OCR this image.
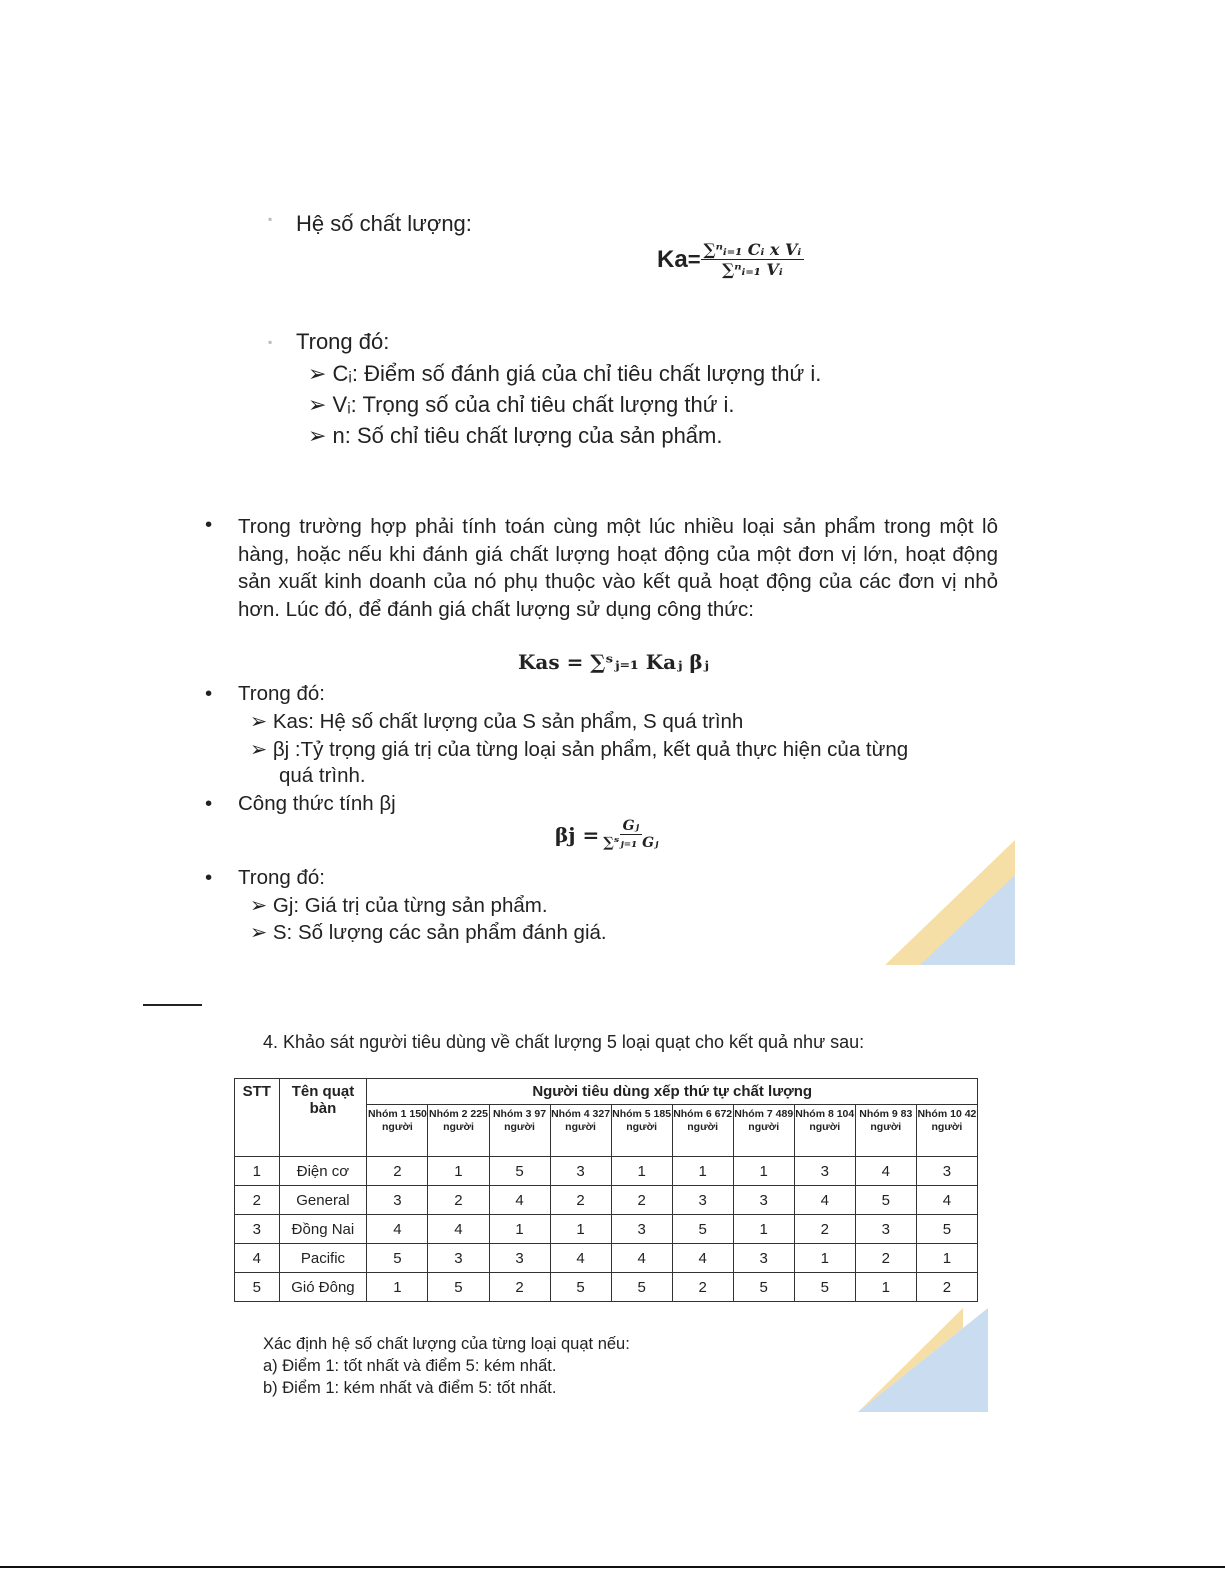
▪ Hệ số chất lượng:
$Ka = \frac{\text{∑ⁿᵢ₌₁ Cᵢ x Vᵢ}}{\text{∑ⁿᵢ₌₁ Vᵢ}}$
▪ Trong đó:
➢ Cᵢ: Điểm số đánh giá của chỉ tiêu chất lượng thứ i.
➢ Vᵢ: Trọng số của chỉ tiêu chất lượng thứ i.
➢ n: Số chỉ tiêu chất lượng của sản phẩm.
• Trong trường hợp phải tính toán cùng một lúc nhiều loại sản phẩm trong một lô hàng, hoặc nếu khi đánh giá chất lượng hoạt động của một đơn vị lớn, hoạt động sản xuất kinh doanh của nó phụ thuộc vào kết quả hoạt động của các đơn vị nhỏ hơn. Lúc đó, để đánh giá chất lượng sử dụng công thức:
Kas = ∑ˢⱼ₌₁ Kaⱼ βⱼ
• Trong đó:
➢ Kas: Hệ số chất lượng của S sản phẩm, S quá trình
➢ βj :Tỷ trọng giá trị của từng loại sản phẩm, kết quả thực hiện của từng
quá trình.
• Công thức tính βj
$\beta j = \frac{\text{Gⱼ}}{\text{∑ˢⱼ₌₁ Gⱼ}}$
• Trong đó:
➢ Gj: Giá trị của từng sản phẩm.
➢ S: Số lượng các sản phẩm đánh giá.
4. Khảo sát người tiêu dùng về chất lượng 5 loại quạt cho kết quả như sau:
STT	Tên quạt bàn	Người tiêu dùng xếp thứ tự chất lượng									
		Nhóm 1 150 người	Nhóm 2 225 người	Nhóm 3 97 người	Nhóm 4 327 người	Nhóm 5 185 người	Nhóm 6 672 người	Nhóm 7 489 người	Nhóm 8 104 người	Nhóm 9 83 người	Nhóm 10 42 người
1	Điện cơ	2	1	5	3	1	1	1	3	4	3
2	General	3	2	4	2	2	3	3	4	5	4
3	Đồng Nai	4	4	1	1	3	5	1	2	3	5
4	Pacific	5	3	3	4	4	4	3	1	2	1
5	Gió Đông	1	5	2	5	5	2	5	5	1	2
Xác định hệ số chất lượng của từng loại quạt nếu:
a) Điểm 1: tốt nhất và điểm 5: kém nhất.
b) Điểm 1: kém nhất và điểm 5: tốt nhất.
